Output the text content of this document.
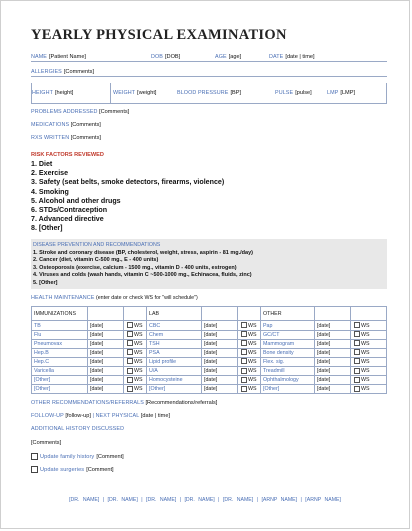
YEARLY PHYSICAL EXAMINATION
NAME [Patient Name]	DOB [DOB]	AGE [age]	DATE [date | time]
ALLERGIES [Comments]
HEIGHT [height]	WEIGHT [weight]	BLOOD PRESSURE [BP]	PULSE [pulse]	LMP [LMP]
PROBLEMS ADDRESSED
[Comments]
MEDICATIONS
[Comments]
RXS WRITTEN
[Comments]
RISK FACTORS REVIEWED
1. Diet
2. Exercise
3. Safety (seat belts, smoke detectors, firearms, violence)
4. Smoking
5. Alcohol and other drugs
6. STDs/Contraception
7. Advanced directive
8. [Other]
DISEASE PREVENTION AND RECOMMENDATIONS
1. Stroke and coronary disease (BP, cholesterol, weight, stress, aspirin - 81 mg./day)
2. Cancer (diet, vitamin C-500 mg., E - 400 units)
3. Osteoporosis (exercise, calcium - 1500 mg., vitamin D - 400 units, estrogen)
4. Viruses and colds (wash hands, vitamin C ~500-1000 mg., Echinacea, fluids, zinc)
5. [Other]
HEALTH MAINTENANCE
(enter date or check WS for "will schedule")
IMMUNIZATIONS			LAB			OTHER		
TB	[date]	WS	CBC	[date]	WS	Pap	[date]	WS
Flu	[date]	WS	Chem	[date]	WS	GC/CT	[date]	WS
Pneumovax	[date]	WS	TSH	[date]	WS	Mammogram	[date]	WS
Hep.B	[date]	WS	PSA	[date]	WS	Bone density	[date]	WS
Hep.C	[date]	WS	Lipid profile	[date]	WS	Flex. sig.	[date]	WS
Varicella	[date]	WS	U/A	[date]	WS	Treadmill	[date]	WS
[Other]	[date]	WS	Homocysteine	[date]	WS	Ophthalmology	[date]	WS
[Other]	[date]	WS	[Other]	[date]	WS	[Other]	[date]	WS
OTHER RECOMMENDATIONS/REFERRALS
[Recommendations/referrals]
FOLLOW-UP
[follow-up]
|
NEXT PHYSICAL
[date | time]
ADDITIONAL HISTORY DISCUSSED
[Comments]
Update family history [Comment]
Update surgeries [Comment]
[DR. NAME] | [DR. NAME] | [DR. NAME] | [DR. NAME] | [DR. NAME] | [ARNP NAME] | [ARNP NAME]
